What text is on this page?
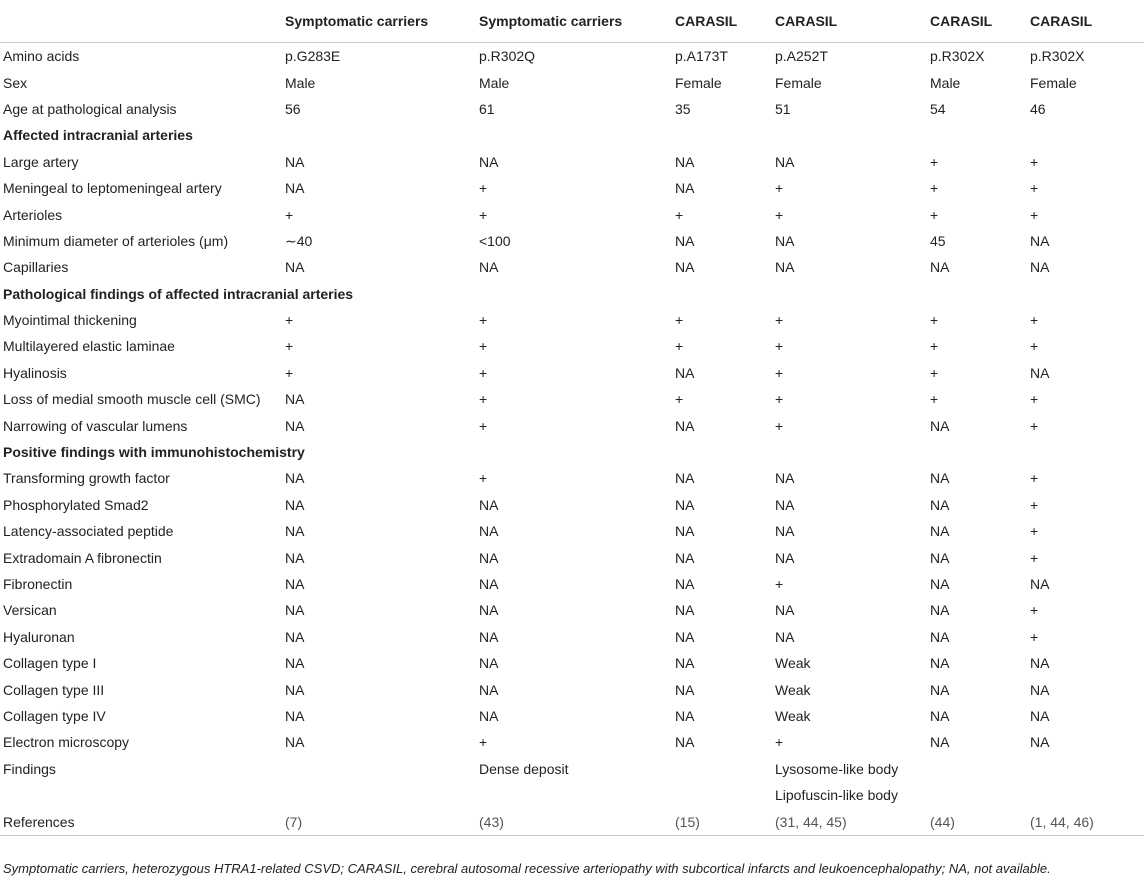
	Symptomatic carriers	Symptomatic carriers	CARASIL	CARASIL	CARASIL	CARASIL
Amino acids	p.G283E	p.R302Q	p.A173T	p.A252T	p.R302X	p.R302X
Sex	Male	Male	Female	Female	Male	Female
Age at pathological analysis	56	61	35	51	54	46
Affected intracranial arteries						
Large artery	NA	NA	NA	NA	+	+
Meningeal to leptomeningeal artery	NA	+	NA	+	+	+
Arterioles	+	+	+	+	+	+
Minimum diameter of arterioles (μm)	∼40	<100	NA	NA	45	NA
Capillaries	NA	NA	NA	NA	NA	NA
Pathological findings of affected intracranial arteries						
Myointimal thickening	+	+	+	+	+	+
Multilayered elastic laminae	+	+	+	+	+	+
Hyalinosis	+	+	NA	+	+	NA
Loss of medial smooth muscle cell (SMC)	NA	+	+	+	+	+
Narrowing of vascular lumens	NA	+	NA	+	NA	+
Positive findings with immunohistochemistry						
Transforming growth factor	NA	+	NA	NA	NA	+
Phosphorylated Smad2	NA	NA	NA	NA	NA	+
Latency-associated peptide	NA	NA	NA	NA	NA	+
Extradomain A fibronectin	NA	NA	NA	NA	NA	+
Fibronectin	NA	NA	NA	+	NA	NA
Versican	NA	NA	NA	NA	NA	+
Hyaluronan	NA	NA	NA	NA	NA	+
Collagen type I	NA	NA	NA	Weak	NA	NA
Collagen type III	NA	NA	NA	Weak	NA	NA
Collagen type IV	NA	NA	NA	Weak	NA	NA
Electron microscopy	NA	+	NA	+	NA	NA
Findings		Dense deposit		Lysosome-like body		
				Lipofuscin-like body		
References	(7)	(43)	(15)	(31, 44, 45)	(44)	(1, 44, 46)
Symptomatic carriers, heterozygous HTRA1-related CSVD; CARASIL, cerebral autosomal recessive arteriopathy with subcortical infarcts and leukoencephalopathy; NA, not available.
